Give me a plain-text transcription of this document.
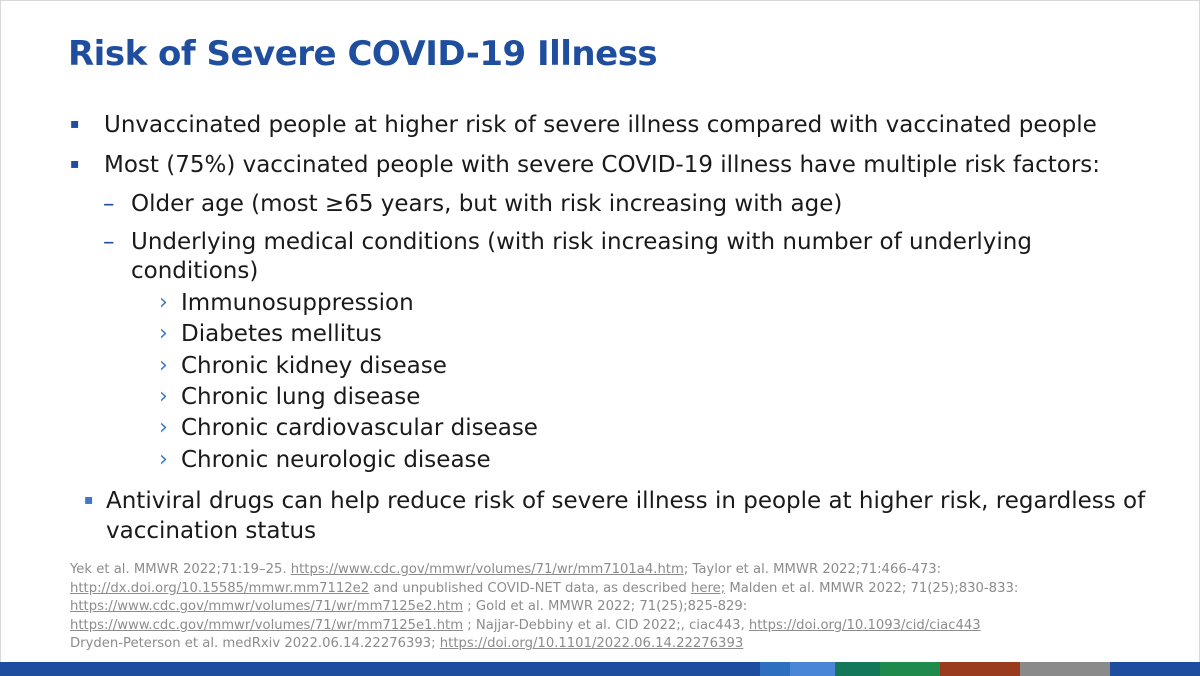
Risk of Severe COVID-19 Illness
▪ Unvaccinated people at higher risk of severe illness compared with vaccinated people
▪ Most (75%) vaccinated people with severe COVID-19 illness have multiple risk factors:
– Older age (most ≥65 years, but with risk increasing with age)
– Underlying medical conditions (with risk increasing with number of underlying
conditions)
› Immunosuppression
› Diabetes mellitus
› Chronic kidney disease
› Chronic lung disease
› Chronic cardiovascular disease
› Chronic neurologic disease
▪ Antiviral drugs can help reduce risk of severe illness in people at higher risk, regardless of
vaccination status
Yek et al. MMWR 2022;71:19–25. https://www.cdc.gov/mmwr/volumes/71/wr/mm7101a4.htm; Taylor et al. MMWR 2022;71:466-473:
http://dx.doi.org/10.15585/mmwr.mm7112e2 and unpublished COVID-NET data, as described here; Malden et al. MMWR 2022; 71(25);830-833:
https://www.cdc.gov/mmwr/volumes/71/wr/mm7125e2.htm ; Gold et al. MMWR 2022; 71(25);825-829:
https://www.cdc.gov/mmwr/volumes/71/wr/mm7125e1.htm ; Najjar-Debbiny et al. CID 2022;, ciac443, https://doi.org/10.1093/cid/ciac443
Dryden-Peterson et al. medRxiv 2022.06.14.22276393; https://doi.org/10.1101/2022.06.14.22276393
